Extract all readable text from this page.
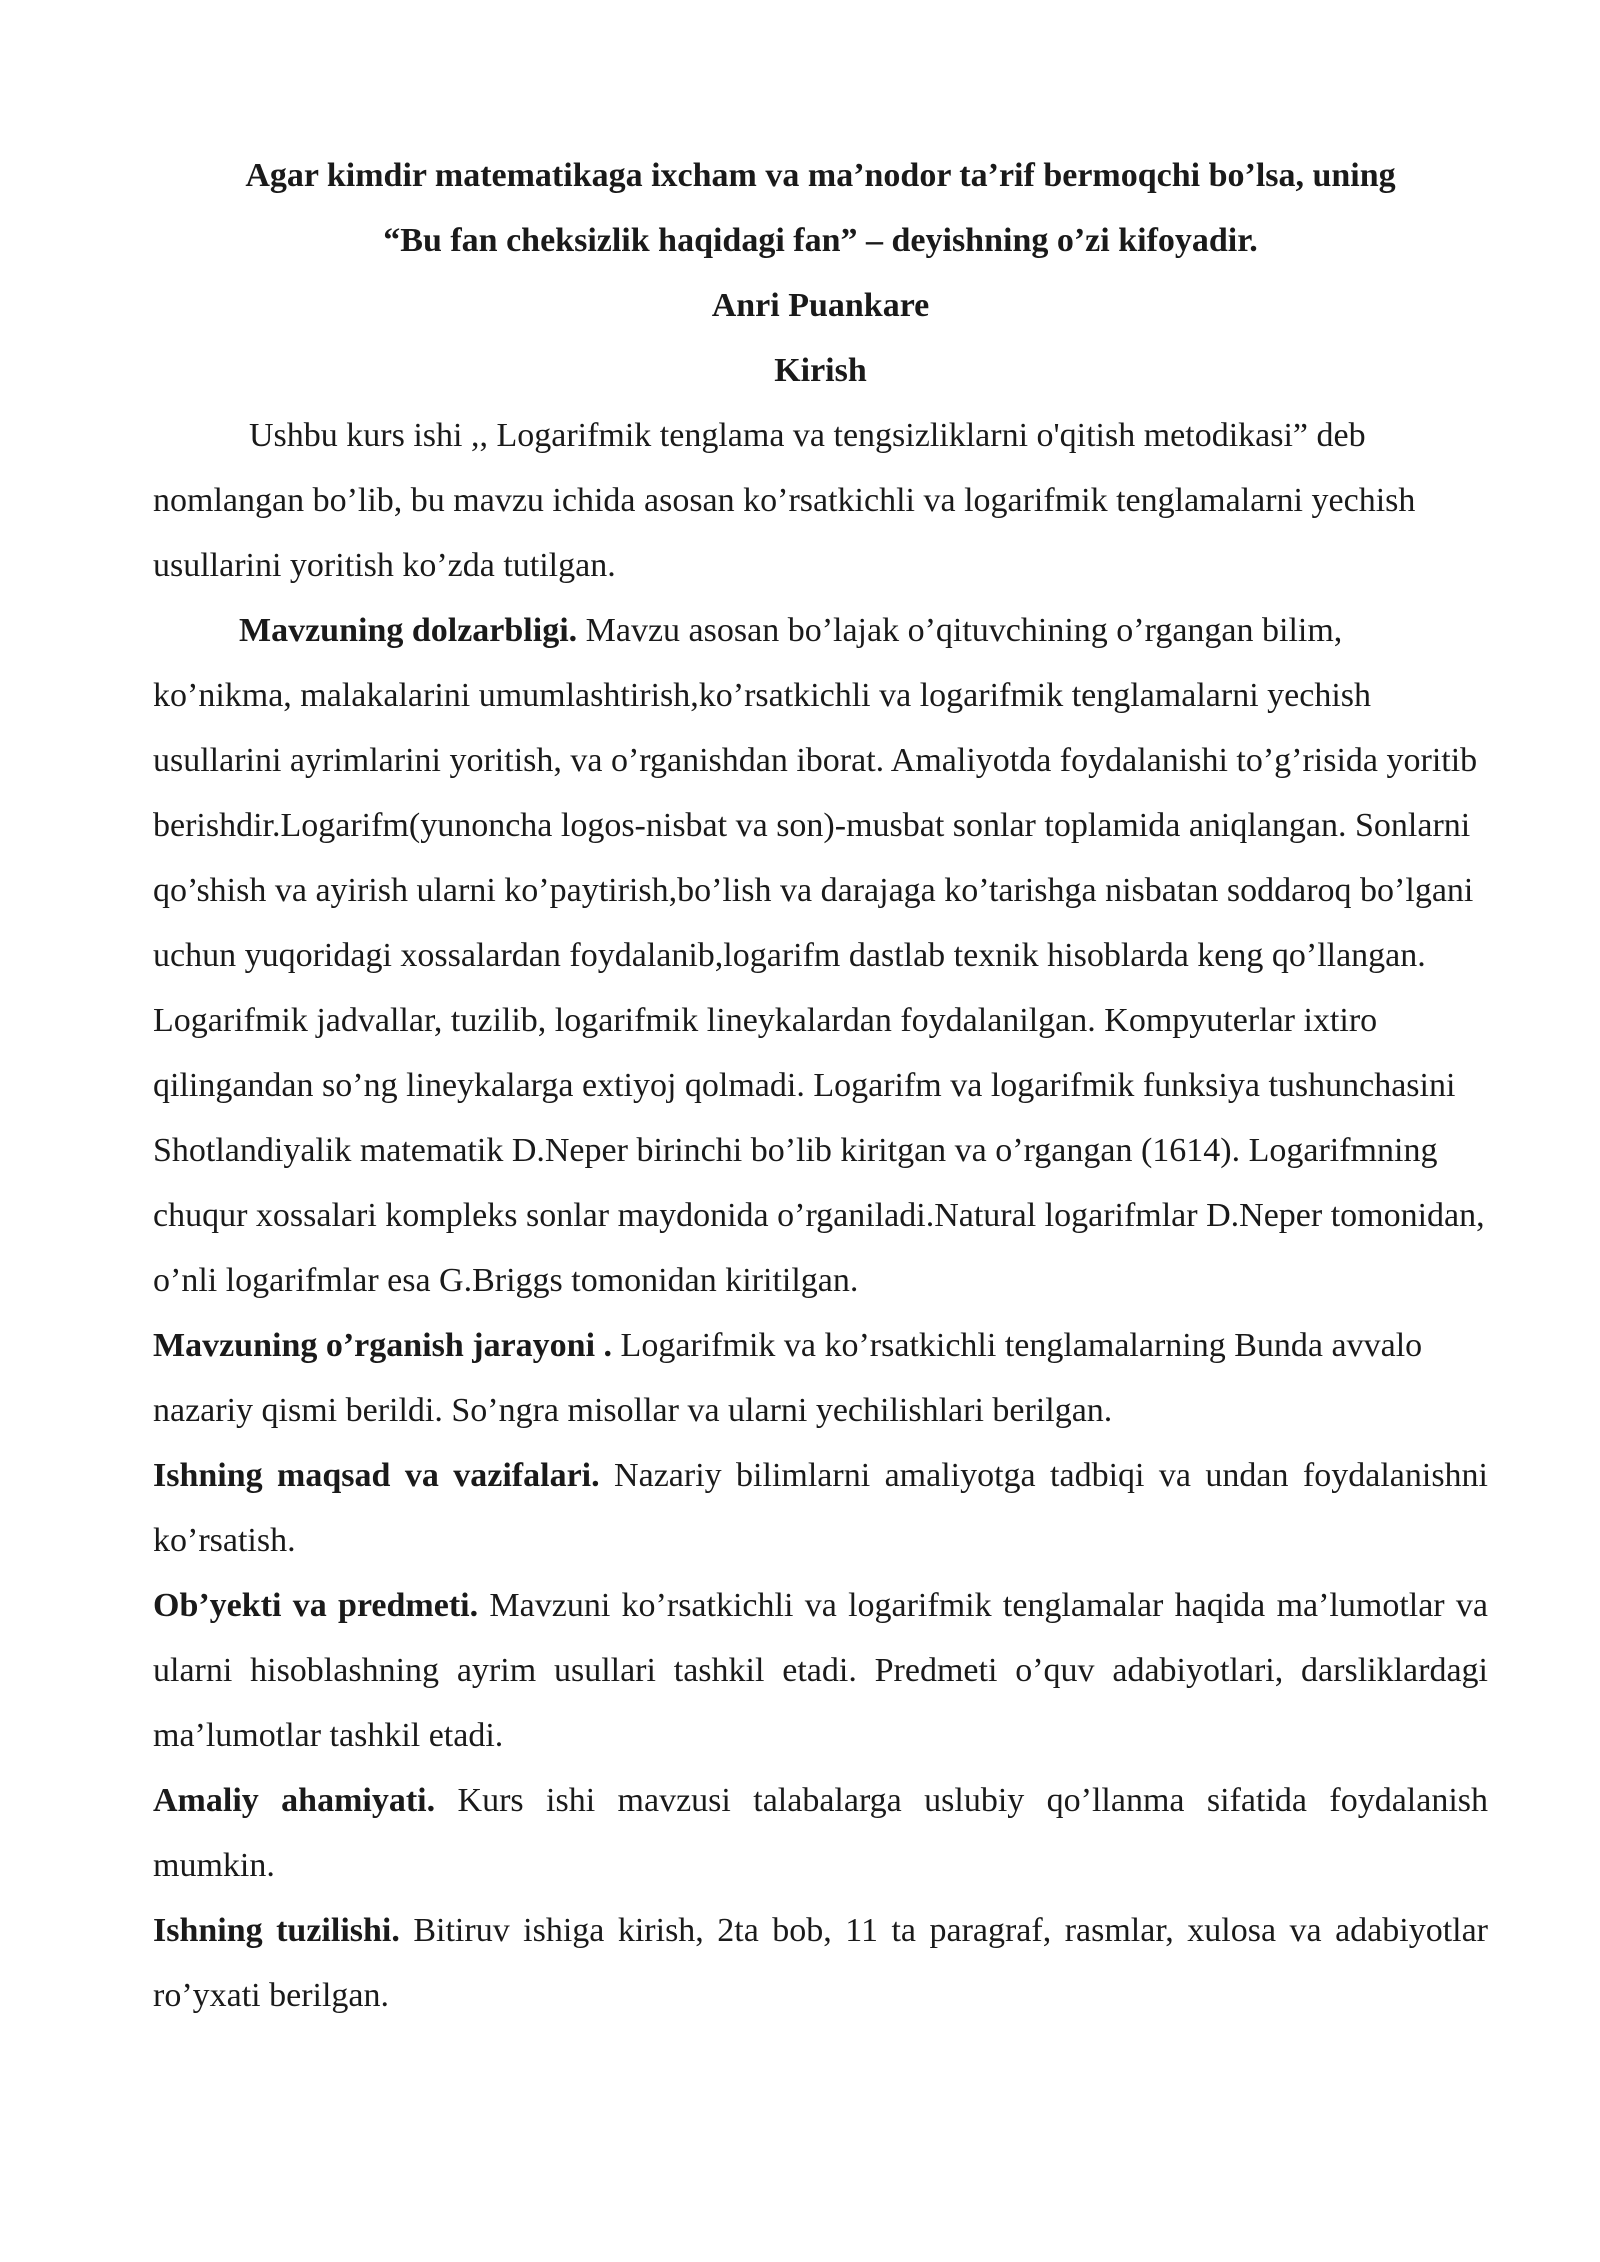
Agar kimdir matematikaga ixcham va ma’nodor ta’rif bermoqchi bo’lsa, uning

“Bu fan cheksizlik haqidagi fan” – deyishning o’zi kifoyadir.

Anri Puankare

Kirish

Ushbu kurs ishi ,, Logarifmik tenglama va tengsizliklarni o'qitish metodikasi” deb nomlangan bo’lib, bu mavzu ichida asosan ko’rsatkichli va logarifmik tenglamalarni yechish usullarini yoritish ko’zda tutilgan.

Mavzuning dolzarbligi. Mavzu asosan bo’lajak o’qituvchining o’rgangan bilim, ko’nikma, malakalarini umumlashtirish,ko’rsatkichli va logarifmik tenglamalarni yechish usullarini ayrimlarini yoritish, va o’rganishdan iborat. Amaliyotda foydalanishi to’g’risida yoritib berishdir.Logarifm(yunoncha logos-nisbat va son)-musbat sonlar toplamida aniqlangan. Sonlarni qo’shish va ayirish ularni ko’paytirish,bo’lish va darajaga ko’tarishga nisbatan soddaroq bo’lgani uchun yuqoridagi xossalardan foydalanib,logarifm dastlab texnik hisoblarda keng qo’llangan. Logarifmik jadvallar, tuzilib, logarifmik lineykalardan foydalanilgan. Kompyuterlar ixtiro qilingandan so’ng lineykalarga extiyoj qolmadi. Logarifm va logarifmik funksiya tushunchasini Shotlandiyalik matematik D.Neper birinchi bo’lib kiritgan va o’rgangan (1614). Logarifmning chuqur xossalari kompleks sonlar maydonida o’rganiladi.Natural logarifmlar D.Neper tomonidan, o’nli logarifmlar esa G.Briggs tomonidan kiritilgan.

Mavzuning o’rganish jarayoni . Logarifmik va ko’rsatkichli tenglamalarning Bunda avvalo nazariy qismi berildi. So’ngra misollar va ularni yechilishlari berilgan.

Ishning maqsad va vazifalari. Nazariy bilimlarni amaliyotga tadbiqi va undan foydalanishni ko’rsatish.

Ob’yekti va predmeti. Mavzuni ko’rsatkichli va logarifmik tenglamalar haqida ma’lumotlar va ularni hisoblashning ayrim usullari tashkil etadi. Predmeti o’quv adabiyotlari, darsliklardagi ma’lumotlar tashkil etadi.

Amaliy ahamiyati. Kurs ishi mavzusi talabalarga uslubiy qo’llanma sifatida foydalanish mumkin.

Ishning tuzilishi. Bitiruv ishiga kirish, 2ta bob, 11 ta paragraf, rasmlar, xulosa va adabiyotlar ro’yxati berilgan.
